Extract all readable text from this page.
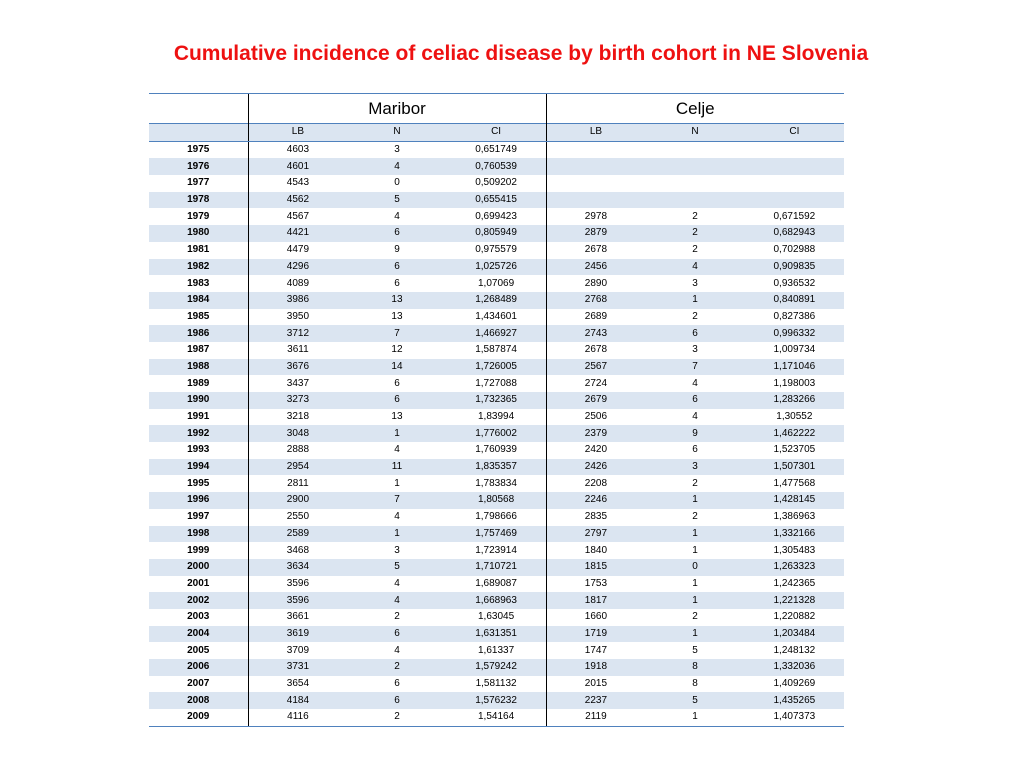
Cumulative incidence of celiac disease by birth cohort in NE Slovenia
	Maribor			Celje		
	LB	N	CI	LB	N	CI
1975	4603	3	0,651749			
1976	4601	4	0,760539			
1977	4543	0	0,509202			
1978	4562	5	0,655415			
1979	4567	4	0,699423	2978	2	0,671592
1980	4421	6	0,805949	2879	2	0,682943
1981	4479	9	0,975579	2678	2	0,702988
1982	4296	6	1,025726	2456	4	0,909835
1983	4089	6	1,07069	2890	3	0,936532
1984	3986	13	1,268489	2768	1	0,840891
1985	3950	13	1,434601	2689	2	0,827386
1986	3712	7	1,466927	2743	6	0,996332
1987	3611	12	1,587874	2678	3	1,009734
1988	3676	14	1,726005	2567	7	1,171046
1989	3437	6	1,727088	2724	4	1,198003
1990	3273	6	1,732365	2679	6	1,283266
1991	3218	13	1,83994	2506	4	1,30552
1992	3048	1	1,776002	2379	9	1,462222
1993	2888	4	1,760939	2420	6	1,523705
1994	2954	11	1,835357	2426	3	1,507301
1995	2811	1	1,783834	2208	2	1,477568
1996	2900	7	1,80568	2246	1	1,428145
1997	2550	4	1,798666	2835	2	1,386963
1998	2589	1	1,757469	2797	1	1,332166
1999	3468	3	1,723914	1840	1	1,305483
2000	3634	5	1,710721	1815	0	1,263323
2001	3596	4	1,689087	1753	1	1,242365
2002	3596	4	1,668963	1817	1	1,221328
2003	3661	2	1,63045	1660	2	1,220882
2004	3619	6	1,631351	1719	1	1,203484
2005	3709	4	1,61337	1747	5	1,248132
2006	3731	2	1,579242	1918	8	1,332036
2007	3654	6	1,581132	2015	8	1,409269
2008	4184	6	1,576232	2237	5	1,435265
2009	4116	2	1,54164	2119	1	1,407373
